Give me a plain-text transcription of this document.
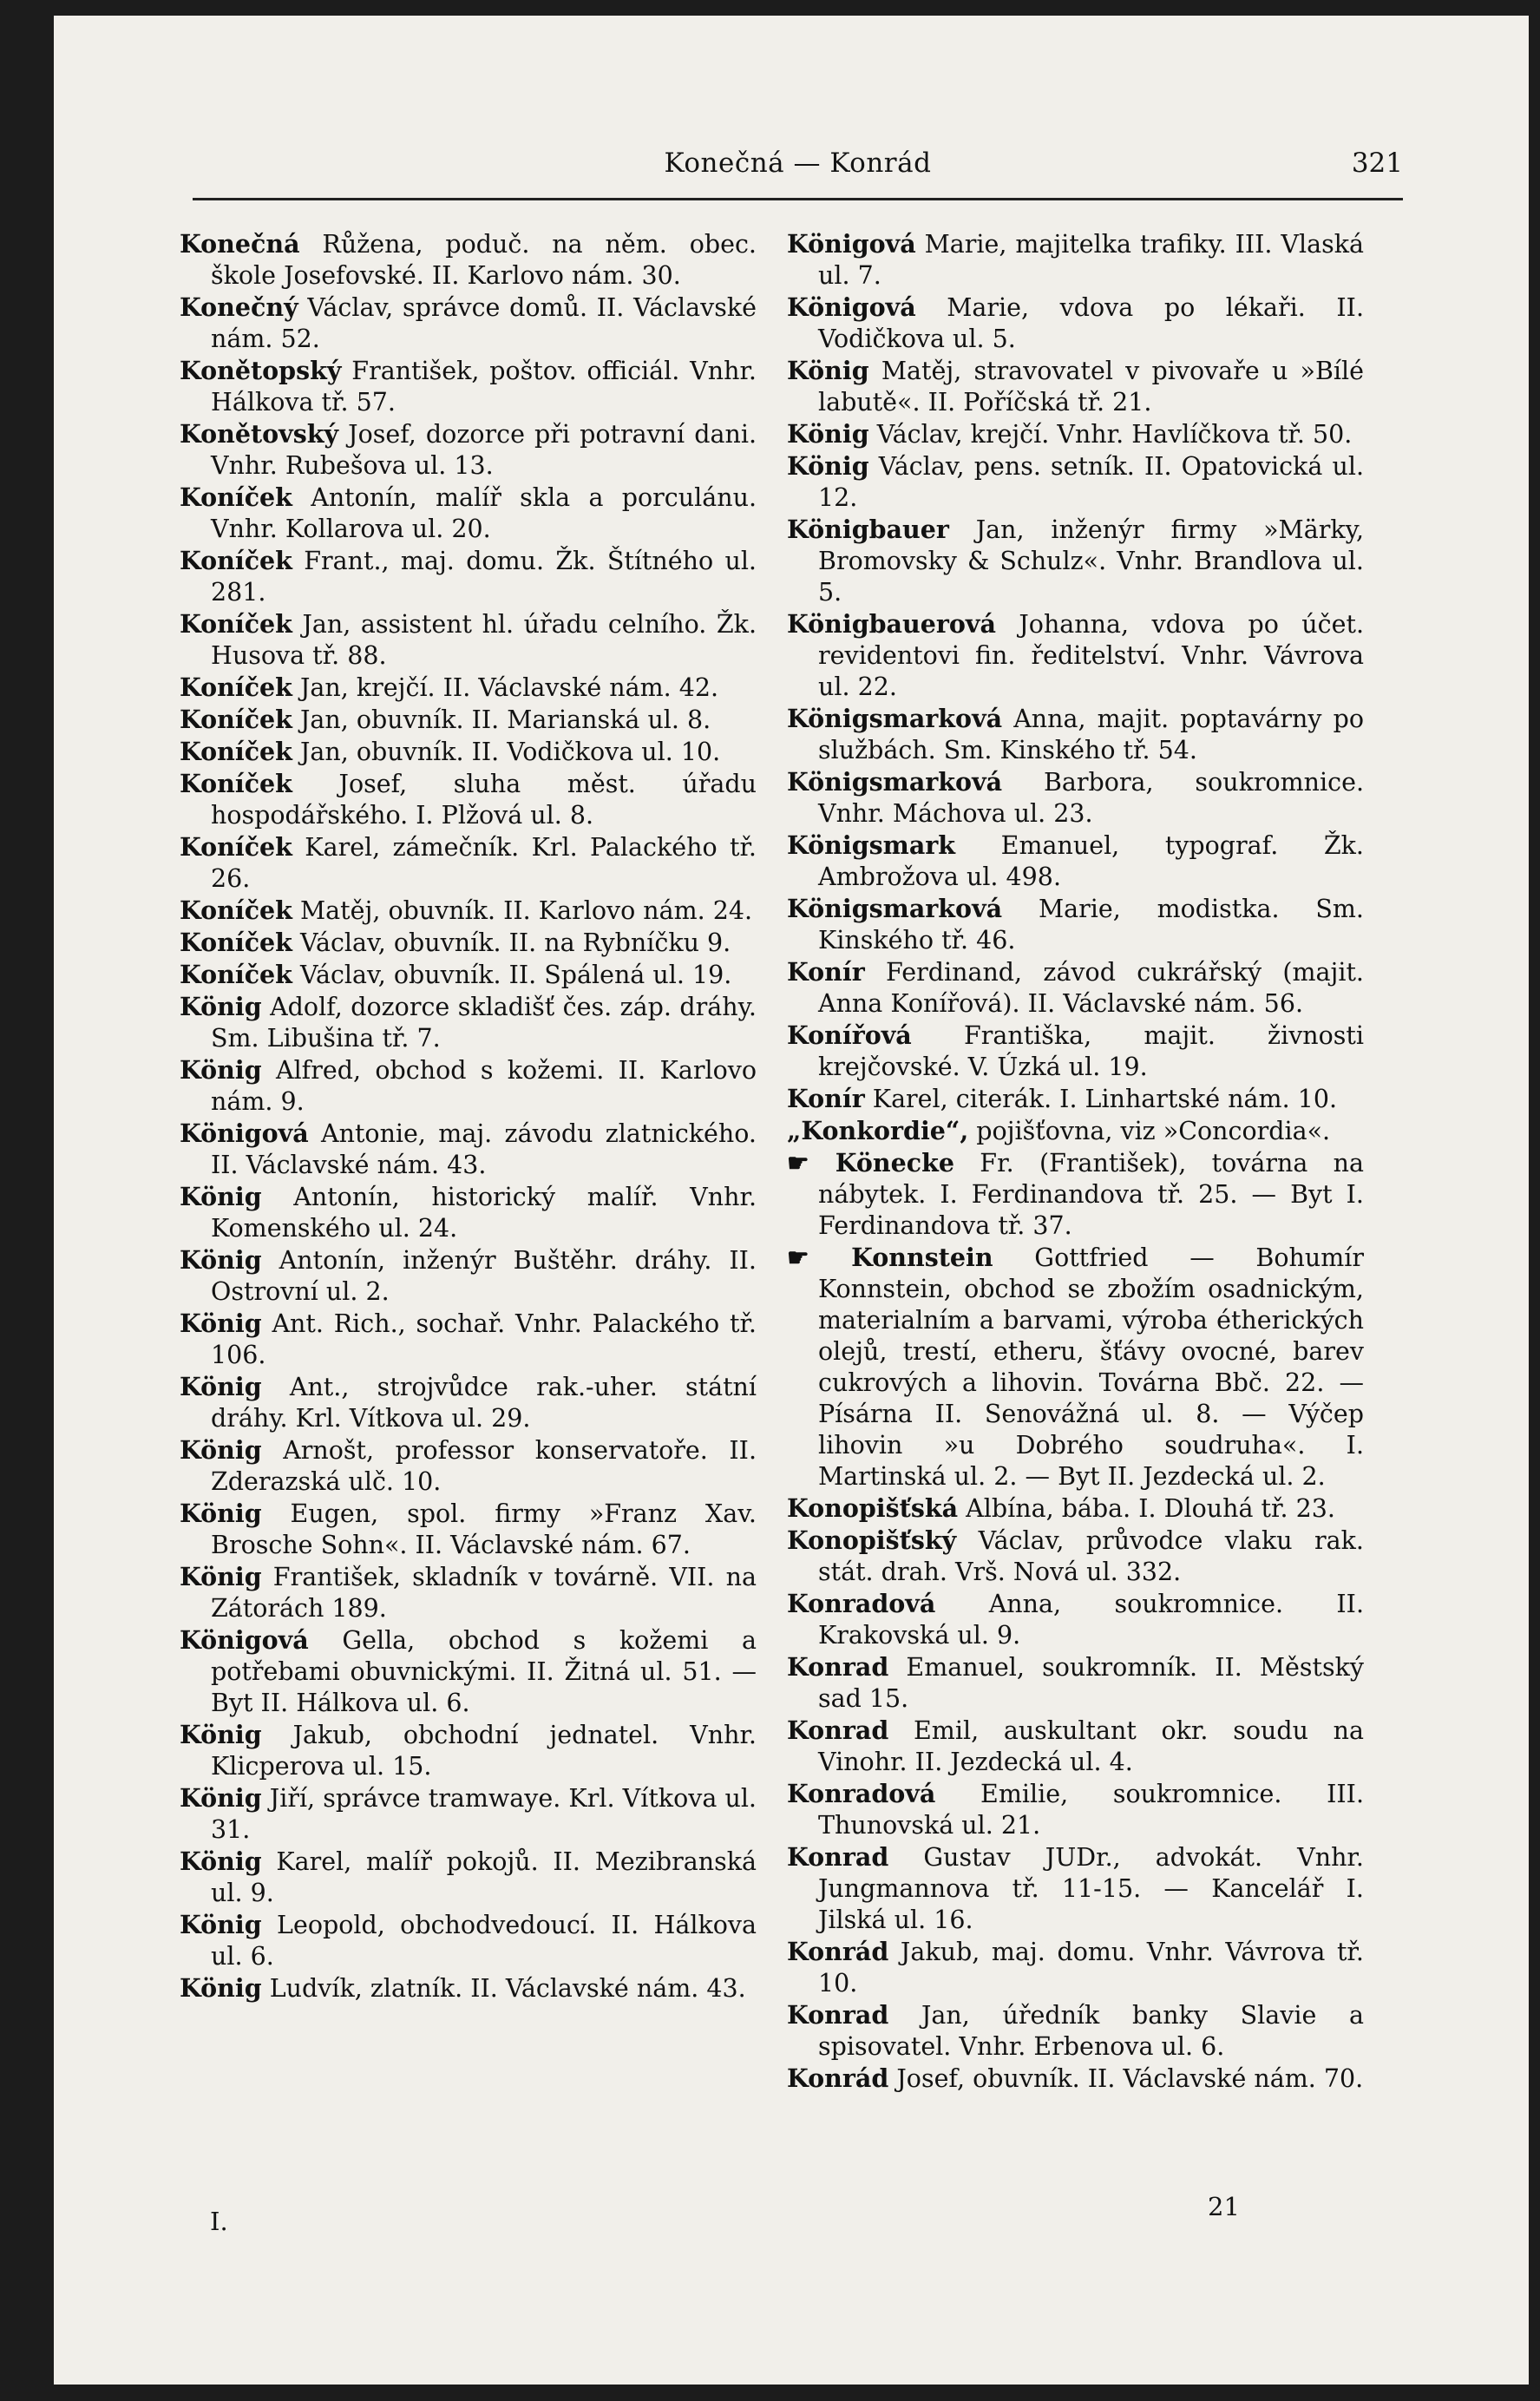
Konečná — Konrád	321

Konečná Růžena, poduč. na něm. obec. škole Josefovské. II. Karlovo nám. 30.

Konečný Václav, správce domů. II. Václavské nám. 52.

Konětopský František, poštov. officiál. Vnhr. Hálkova tř. 57.

Konětovský Josef, dozorce při potravní dani. Vnhr. Rubešova ul. 13.

Koníček Antonín, malíř skla a porculánu. Vnhr. Kollarova ul. 20.

Koníček Frant., maj. domu. Žk. Štítného ul. 281.

Koníček Jan, assistent hl. úřadu celního. Žk. Husova tř. 88.

Koníček Jan, krejčí. II. Václavské nám. 42.

Koníček Jan, obuvník. II. Marianská ul. 8.

Koníček Jan, obuvník. II. Vodičkova ul. 10.

Koníček Josef, sluha měst. úřadu hospodářského. I. Plžová ul. 8.

Koníček Karel, zámečník. Krl. Palackého tř. 26.

Koníček Matěj, obuvník. II. Karlovo nám. 24.

Koníček Václav, obuvník. II. na Rybníčku 9.

Koníček Václav, obuvník. II. Spálená ul. 19.

König Adolf, dozorce skladišť čes. záp. dráhy. Sm. Libušina tř. 7.

König Alfred, obchod s kožemi. II. Karlovo nám. 9.

Königová Antonie, maj. závodu zlatnického. II. Václavské nám. 43.

König Antonín, historický malíř. Vnhr. Komenského ul. 24.

König Antonín, inženýr Buštěhr. dráhy. II. Ostrovní ul. 2.

König Ant. Rich., sochař. Vnhr. Palackého tř. 106.

König Ant., strojvůdce rak.-uher. státní dráhy. Krl. Vítkova ul. 29.

König Arnošt, professor konservatoře. II. Zderazská ulč. 10.

König Eugen, spol. firmy »Franz Xav. Brosche Sohn«. II. Václavské nám. 67.

König František, skladník v továrně. VII. na Zátorách 189.

Königová Gella, obchod s kožemi a potřebami obuvnickými. II. Žitná ul. 51. — Byt II. Hálkova ul. 6.

König Jakub, obchodní jednatel. Vnhr. Klicperova ul. 15.

König Jiří, správce tramwaye. Krl. Vítkova ul. 31.

König Karel, malíř pokojů. II. Mezibranská ul. 9.

König Leopold, obchodvedoucí. II. Hálkova ul. 6.

König Ludvík, zlatník. II. Václavské nám. 43.

Königová Marie, majitelka trafiky. III. Vlaská ul. 7.

Königová Marie, vdova po lékaři. II. Vodičkova ul. 5.

König Matěj, stravovatel v pivovaře u »Bílé labutě«. II. Poříčská tř. 21.

König Václav, krejčí. Vnhr. Havlíčkova tř. 50.

König Václav, pens. setník. II. Opatovická ul. 12.

Königbauer Jan, inženýr firmy »Märky, Bromovsky & Schulz«. Vnhr. Brandlova ul. 5.

Königbauerová Johanna, vdova po účet. revidentovi fin. ředitelství. Vnhr. Vávrova ul. 22.

Königsmarková Anna, majit. poptavárny po službách. Sm. Kinského tř. 54.

Königsmarková Barbora, soukromnice. Vnhr. Máchova ul. 23.

Königsmark Emanuel, typograf. Žk. Ambrožova ul. 498.

Königsmarková Marie, modistka. Sm. Kinského tř. 46.

Konír Ferdinand, závod cukrářský (majit. Anna Konířová). II. Václavské nám. 56.

Konířová Františka, majit. živnosti krejčovské. V. Úzká ul. 19.

Konír Karel, citerák. I. Linhartské nám. 10.

„Konkordie“, pojišťovna, viz »Concordia«.

☛ Könecke Fr. (František), továrna na nábytek. I. Ferdinandova tř. 25. — Byt I. Ferdinandova tř. 37.

☛ Konnstein Gottfried — Bohumír Konnstein, obchod se zbožím osadnickým, materialním a barvami, výroba étherických olejů, trestí, etheru, šťávy ovocné, barev cukrových a lihovin. Továrna Bbč. 22. — Písárna II. Senovážná ul. 8. — Výčep lihovin »u Dobrého soudruha«. I. Martinská ul. 2. — Byt II. Jezdecká ul. 2.

Konopišťská Albína, bába. I. Dlouhá tř. 23.

Konopišťský Václav, průvodce vlaku rak. stát. drah. Vrš. Nová ul. 332.

Konradová Anna, soukromnice. II. Krakovská ul. 9.

Konrad Emanuel, soukromník. II. Městský sad 15.

Konrad Emil, auskultant okr. soudu na Vinohr. II. Jezdecká ul. 4.

Konradová Emilie, soukromnice. III. Thunovská ul. 21.

Konrad Gustav JUDr., advokát. Vnhr. Jungmannova tř. 11-15. — Kancelář I. Jilská ul. 16.

Konrád Jakub, maj. domu. Vnhr. Vávrova tř. 10.

Konrad Jan, úředník banky Slavie a spisovatel. Vnhr. Erbenova ul. 6.

Konrád Josef, obuvník. II. Václavské nám. 70.

I.	21
